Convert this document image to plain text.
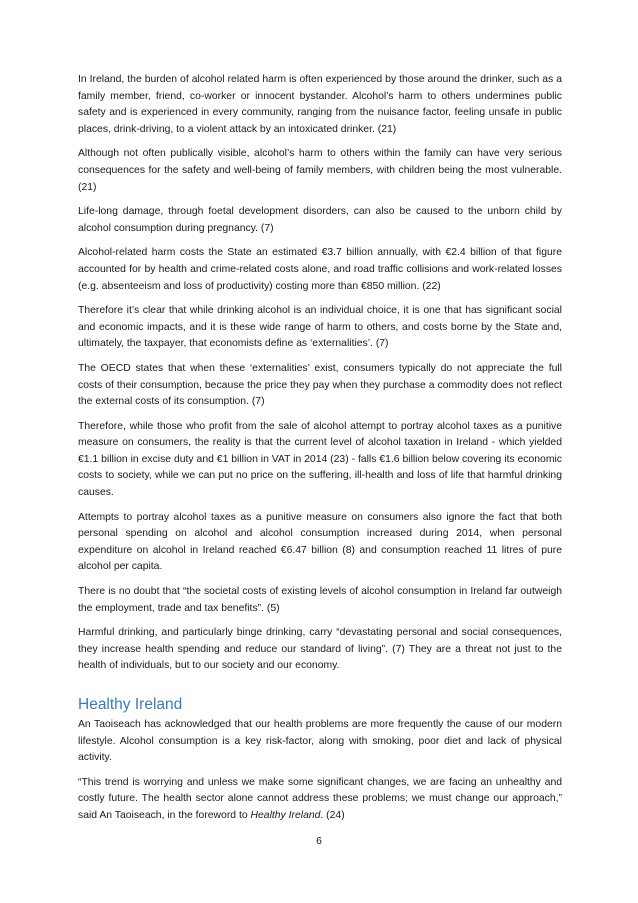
In Ireland, the burden of alcohol related harm is often experienced by those around the drinker, such as a family member, friend, co-worker or innocent bystander. Alcohol’s harm to others undermines public safety and is experienced in every community, ranging from the nuisance factor, feeling unsafe in public places, drink-driving, to a violent attack by an intoxicated drinker. (21)

Although not often publically visible, alcohol’s harm to others within the family can have very serious consequences for the safety and well-being of family members, with children being the most vulnerable. (21)

Life-long damage, through foetal development disorders, can also be caused to the unborn child by alcohol consumption during pregnancy. (7)

Alcohol-related harm costs the State an estimated €3.7 billion annually, with €2.4 billion of that figure accounted for by health and crime-related costs alone, and road traffic collisions and work-related losses (e.g. absenteeism and loss of productivity) costing more than €850 million. (22)

Therefore it’s clear that while drinking alcohol is an individual choice, it is one that has significant social and economic impacts, and it is these wide range of harm to others, and costs borne by the State and, ultimately, the taxpayer, that economists define as ‘externalities’. (7)

The OECD states that when these ‘externalities’ exist, consumers typically do not appreciate the full costs of their consumption, because the price they pay when they purchase a commodity does not reflect the external costs of its consumption. (7)

Therefore, while those who profit from the sale of alcohol attempt to portray alcohol taxes as a punitive measure on consumers, the reality is that the current level of alcohol taxation in Ireland - which yielded €1.1 billion in excise duty and €1 billion in VAT in 2014 (23) - falls €1.6 billion below covering its economic costs to society, while we can put no price on the suffering, ill-health and loss of life that harmful drinking causes.

Attempts to portray alcohol taxes as a punitive measure on consumers also ignore the fact that both personal spending on alcohol and alcohol consumption increased during 2014, when personal expenditure on alcohol in Ireland reached €6.47 billion (8) and consumption reached 11 litres of pure alcohol per capita.

There is no doubt that “the societal costs of existing levels of alcohol consumption in Ireland far outweigh the employment, trade and tax benefits”. (5)

Harmful drinking, and particularly binge drinking, carry “devastating personal and social consequences, they increase health spending and reduce our standard of living”. (7) They are a threat not just to the health of individuals, but to our society and our economy.

Healthy Ireland

An Taoiseach has acknowledged that our health problems are more frequently the cause of our modern lifestyle. Alcohol consumption is a key risk-factor, along with smoking, poor diet and lack of physical activity.

“This trend is worrying and unless we make some significant changes, we are facing an unhealthy and costly future. The health sector alone cannot address these problems; we must change our approach,” said An Taoiseach, in the foreword to Healthy Ireland. (24)

6
